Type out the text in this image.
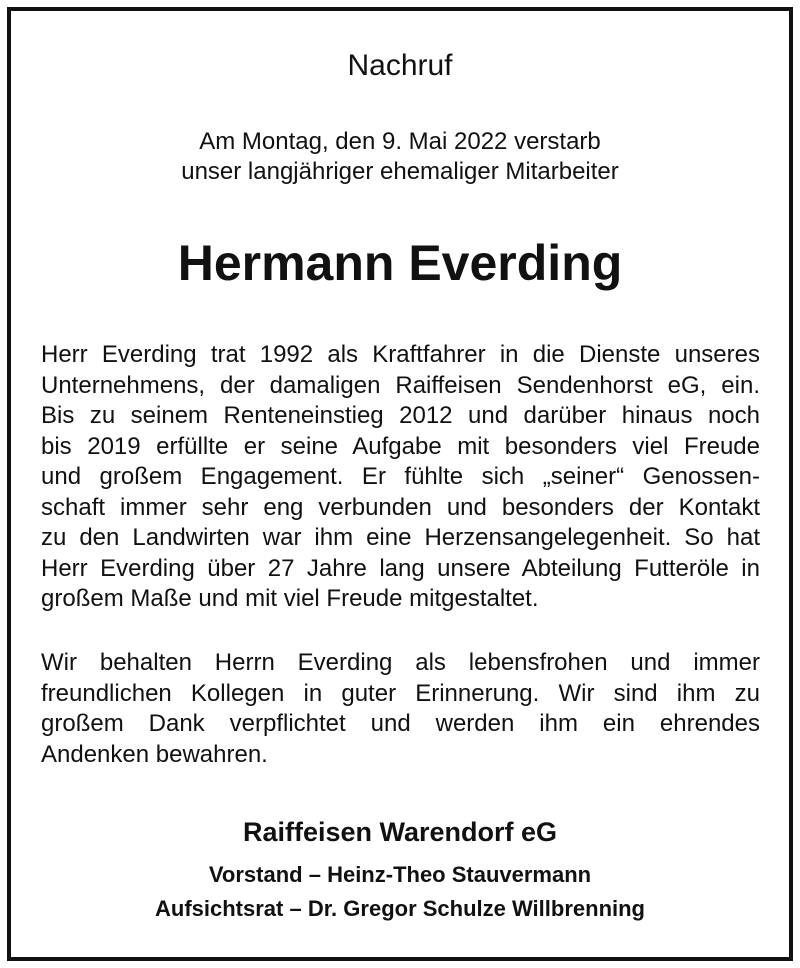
Nachruf
Am Montag, den 9. Mai 2022 verstarb
unser langjähriger ehemaliger Mitarbeiter
Hermann Everding
Herr Everding trat 1992 als Kraftfahrer in die Dienste unseres
Unternehmens, der damaligen Raiffeisen Sendenhorst eG, ein.
Bis zu seinem Renteneinstieg 2012 und darüber hinaus noch
bis 2019 erfüllte er seine Aufgabe mit besonders viel Freude
und großem Engagement. Er fühlte sich „seiner“ Genossen-
schaft immer sehr eng verbunden und besonders der Kontakt
zu den Landwirten war ihm eine Herzensangelegenheit. So hat
Herr Everding über 27 Jahre lang unsere Abteilung Futteröle in
großem Maße und mit viel Freude mitgestaltet.
Wir behalten Herrn Everding als lebensfrohen und immer
freundlichen Kollegen in guter Erinnerung. Wir sind ihm zu
großem Dank verpflichtet und werden ihm ein ehrendes
Andenken bewahren.
Raiffeisen Warendorf eG
Vorstand – Heinz-Theo Stauvermann
Aufsichtsrat – Dr. Gregor Schulze Willbrenning
